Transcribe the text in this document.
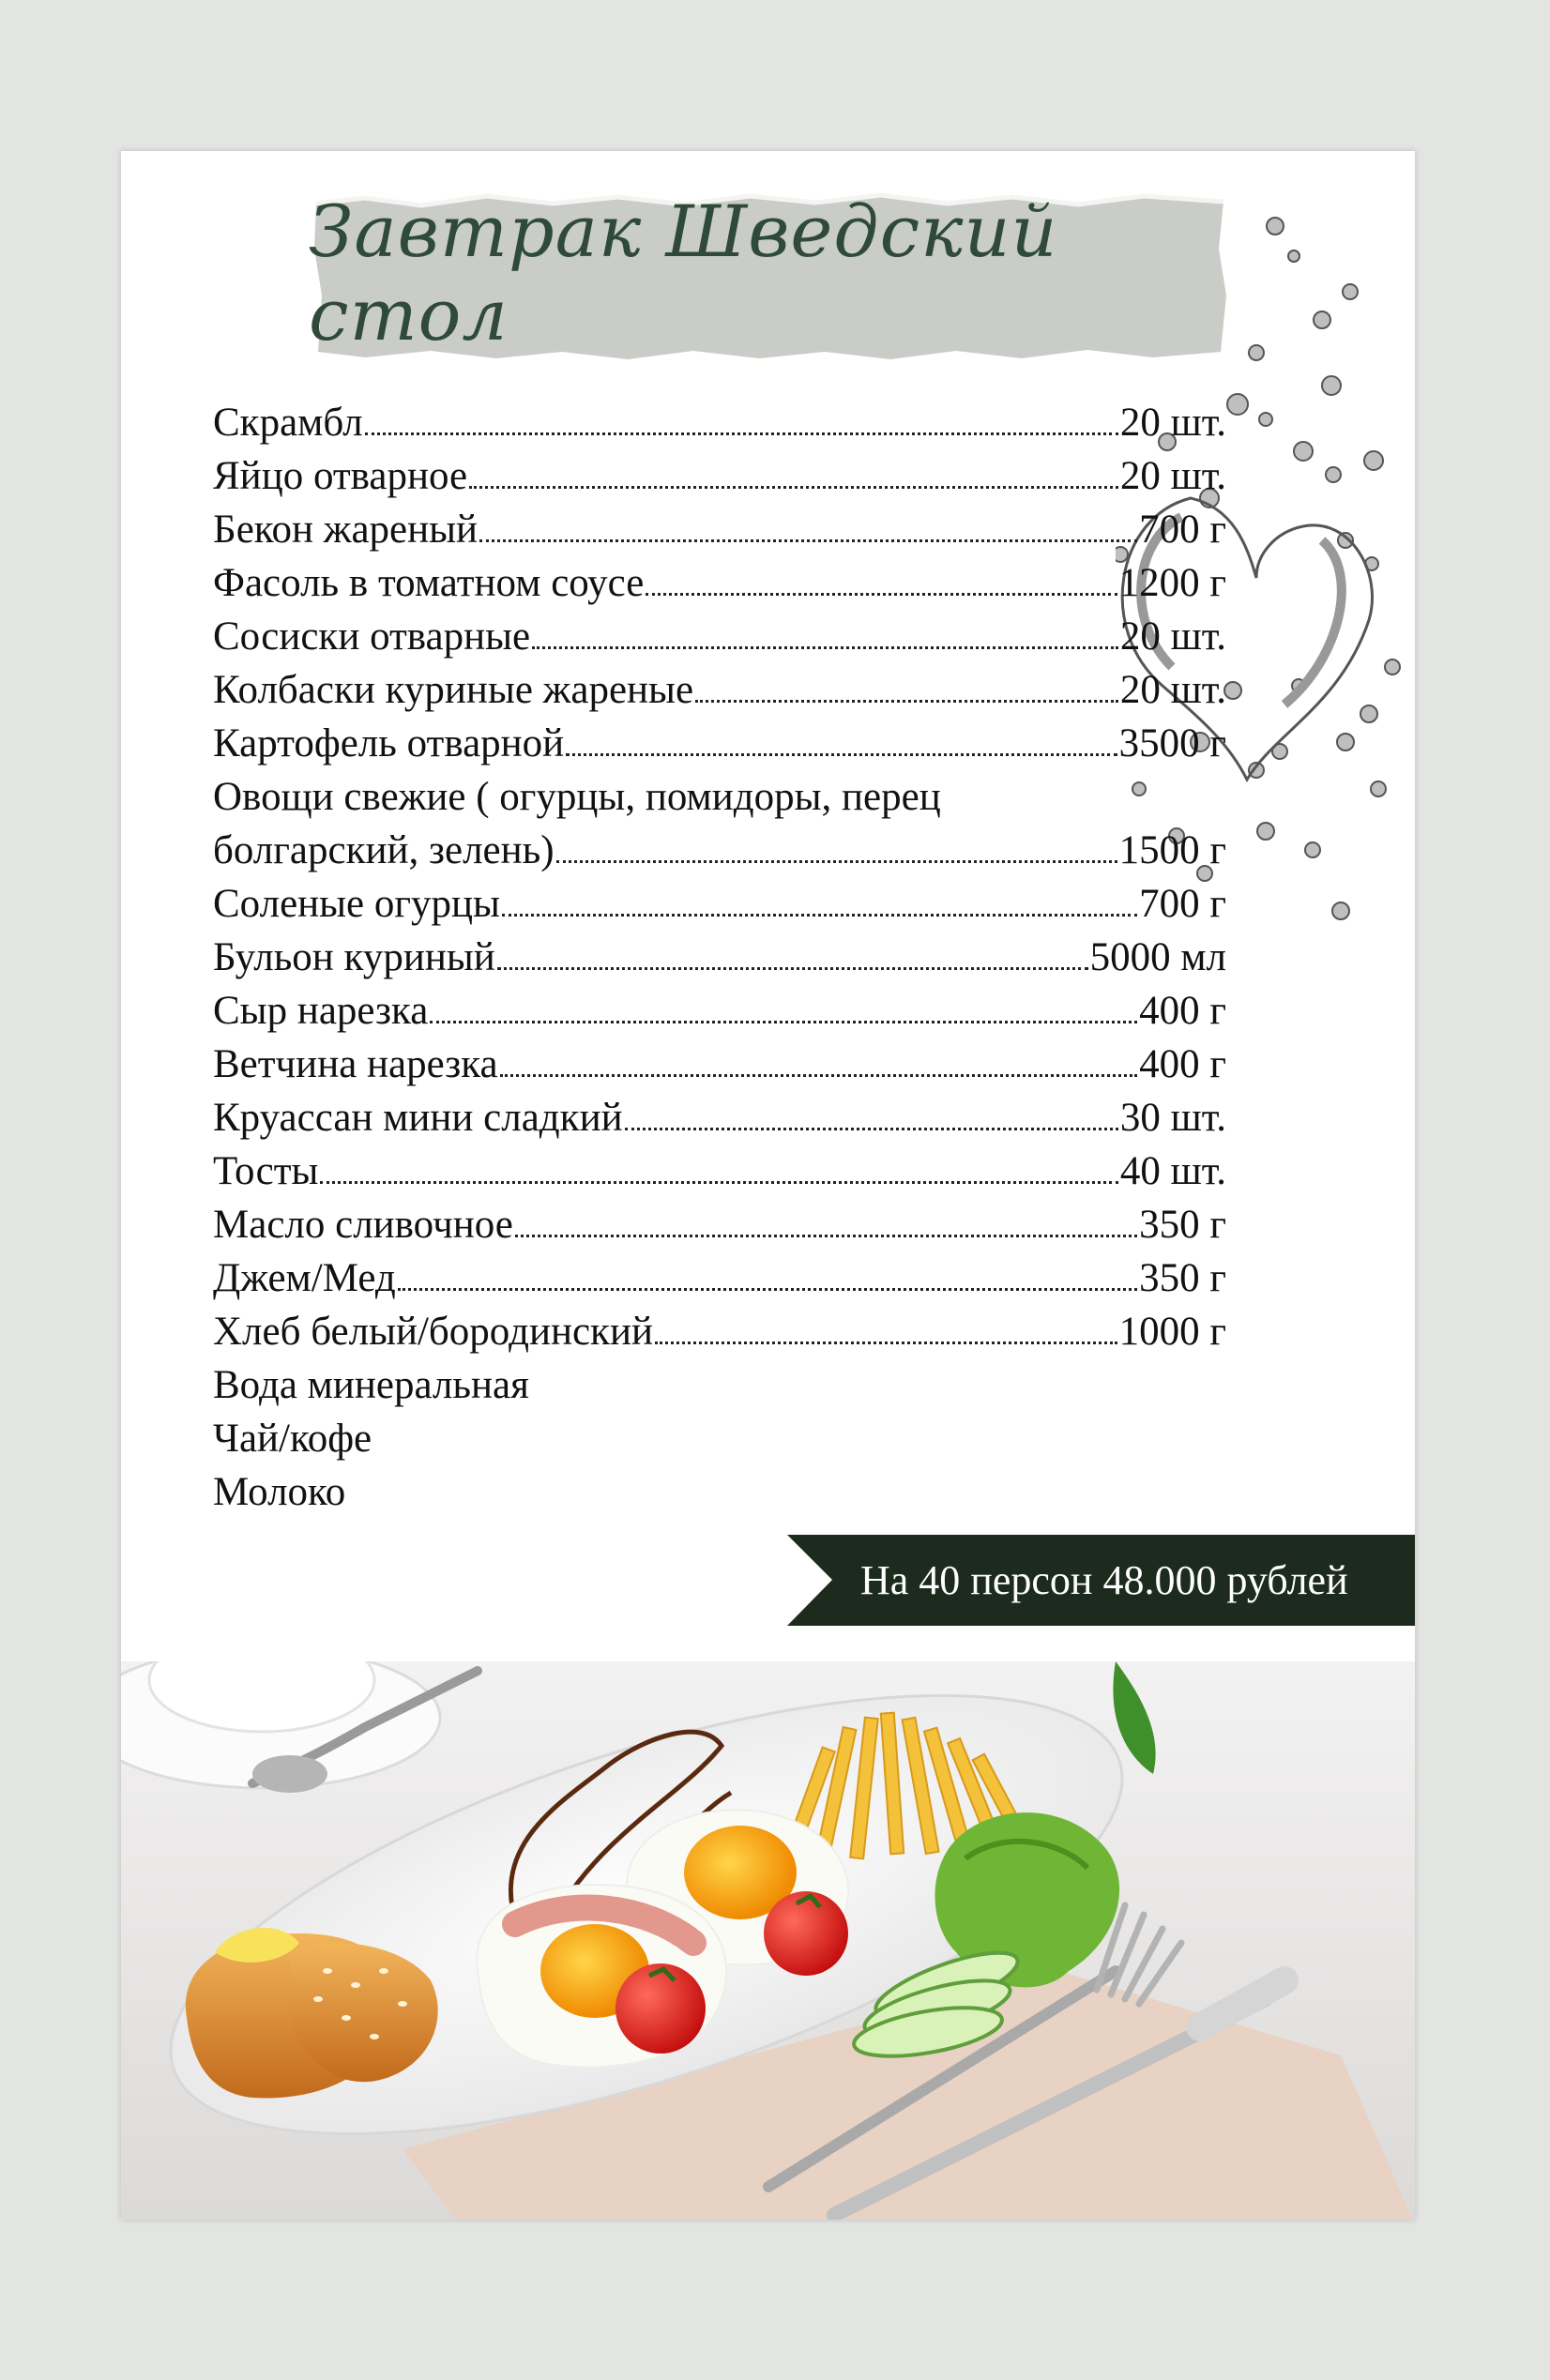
Завтрак Шведский стол
Скрамбл	20 шт.
Яйцо отварное	20 шт.
Бекон жареный	700 г
Фасоль в томатном соусе	1200 г
Сосиски отварные	20 шт.
Колбаски куриные жареные	20 шт.
Картофель отварной	3500 г
Овощи свежие ( огурцы, помидоры, перец
болгарский, зелень)	1500 г
Соленые огурцы	700 г
Бульон куриный	5000 мл
Сыр нарезка	400 г
Ветчина нарезка	400 г
Круассан мини сладкий	30 шт.
Тосты	40 шт.
Масло сливочное	350 г
Джем/Мед	350 г
Хлеб белый/бородинский	1000 г
Вода минеральная
Чай/кофе
Молоко
На 40 персон 48.000 рублей
